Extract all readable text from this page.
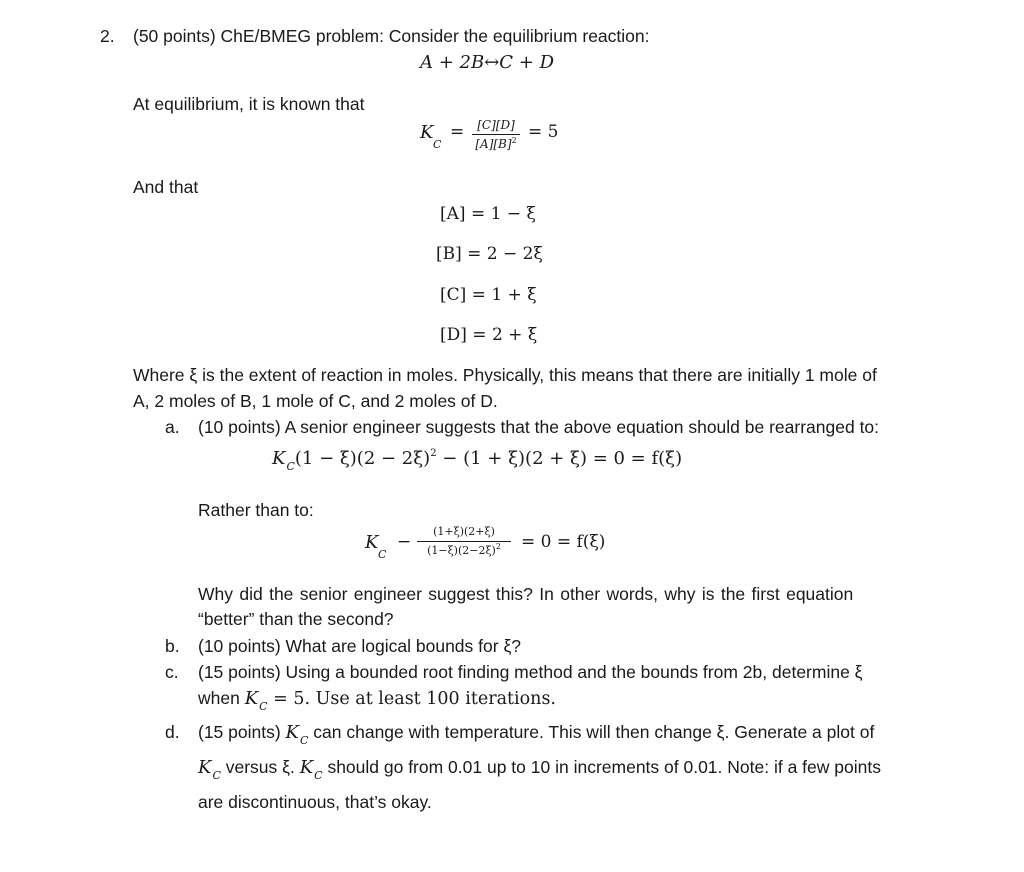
2. (50 points) ChE/BMEG problem: Consider the equilibrium reaction:
A + 2B↔C + D
At equilibrium, it is known that
K
C
=	[C][D]
$[A][B]^2 = 5$
And that
[A] = 1 − ξ
[B] = 2 − 2ξ
[C] = 1 + ξ
[D] = 2 + ξ
Where ξ is the extent of reaction in moles. Physically, this means that there are initially 1 mole of
A, 2 moles of B, 1 mole of C, and 2 moles of D.
a. (10 points) A senior engineer suggests that the above equation should be rearranged to:
$K_C(1 - \xi)(2 - 2\xi)^2 - (1 + \xi)(2 + \xi) = 0 = f(\xi)$
Rather than to:
K
C
−
(1+ξ)(2+ξ)
$(1-\xi)(2-2\xi)^2$	= 0 = f(ξ)
Why did the senior engineer suggest this? In other words, why is the first equation
“better” than the second?
b. (10 points) What are logical bounds for ξ?
c. (15 points) Using a bounded root finding method and the bounds from 2b, determine ξ
when $K_C = 5$. Use at least 100 iterations.
d. (15 points) $K_C$ can change with temperature. This will then change ξ. Generate a plot of
$K_C$ versus ξ. $K_C$ should go from 0.01 up to 10 in increments of 0.01. Note: if a few points
are discontinuous, that’s okay.
